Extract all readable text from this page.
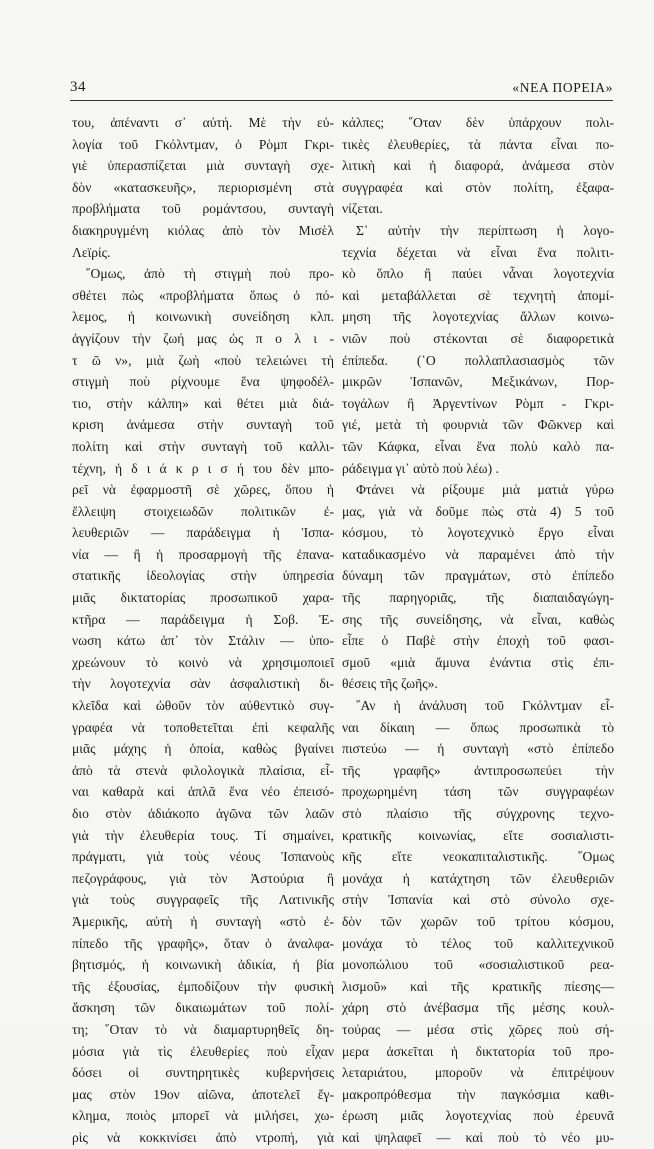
34	«ΝΕΑ ΠΟΡΕΙΑ»
του, ἀπέναντι σ᾽ αὐτή. Μὲ τὴν εὐ-
λογία τοῦ Γκόλντμαν, ὁ Ρὸμπ Γκρι-
γιὲ ὑπερασπίζεται μιὰ συνταγὴ σχε-
δὸν «κατασκευῆς», περιορισμένη στὰ
προβλήματα τοῦ ρομάντσου, συνταγὴ
διακηρυγμένη κιόλας ἀπὸ τὸν Μισὲλ
Λεϊρίς.
῞Ομως, ἀπὸ τὴ στιγμὴ ποὺ προ-
σθέτει πὼς «προβλήματα ὅπως ὁ πό-
λεμος, ἡ κοινωνικὴ συνείδηση κλπ.
ἀγγίζουν τὴν ζωή μας ὡς π ο λ ι -
τ ῶ ν», μιὰ ζωὴ «ποὺ τελειώνει τὴ
στιγμὴ ποὺ ρίχνουμε ἕνα ψηφοδέλ-
τιο, στὴν κάλπη» καὶ θέτει μιὰ διά-
κριση ἀνάμεσα στὴν συνταγὴ τοῦ
πολίτη καὶ στὴν συνταγὴ τοῦ καλλι-
τέχνη, ἡ δ ι ά κ ρ ι σ ή του δὲν μπο-
ρεῖ νὰ ἐφαρμοστῆ σὲ χῶρες, ὅπου ἡ
ἔλλειψη στοιχειωδῶν πολιτικῶν ἐ-
λευθεριῶν — παράδειγμα ἡ Ἱσπα-
νία — ἢ ἡ προσαρμογὴ τῆς ἐπανα-
στατικῆς ἰδεολογίας στὴν ὑπηρεσία
μιᾶς δικτατορίας προσωπικοῦ χαρα-
κτῆρα — παράδειγμα ἡ Σοβ. Ἑ-
νωση κάτω ἀπ᾽ τὸν Στάλιν — ὑπο-
χρεώνουν τὸ κοινὸ νὰ χρησιμοποιεῖ
τὴν λογοτεχνία σὰν ἀσφαλιστικὴ δι-
κλεῖδα καὶ ὠθοῦν τὸν αὐθεντικὸ συγ-
γραφέα νὰ τοποθετεῖται ἐπὶ κεφαλῆς
μιᾶς μάχης ἡ ὁποία, καθὼς βγαίνει
ἀπὸ τὰ στενὰ φιλολογικὰ πλαίσια, εἶ-
ναι καθαρὰ καὶ ἁπλᾶ ἕνα νέο ἐπεισό-
διο στὸν ἀδιάκοπο ἀγῶνα τῶν λαῶν
γιὰ τὴν ἐλευθερία τους. Τί σημαίνει,
πράγματι, γιὰ τοὺς νέους Ἱσπανοὺς
πεζογράφους, γιὰ τὸν Ἀστούρια ἢ
γιὰ τοὺς συγγραφεῖς τῆς Λατινικῆς
Ἀμερικῆς, αὐτὴ ἡ συνταγὴ «στὸ ἐ-
πίπεδο τῆς γραφῆς», ὅταν ὁ ἀναλφα-
βητισμός, ἡ κοινωνικὴ ἀδικία, ἡ βία
τῆς ἐξουσίας, ἐμποδίζουν τὴν φυσικὴ
ἄσκηση τῶν δικαιωμάτων τοῦ πολί-
τη; ῞Οταν τὸ νὰ διαμαρτυρηθεῖς δη-
μόσια γιὰ τὶς ἐλευθερίες ποὺ εἶχαν
δόσει οἱ συντηρητικὲς κυβερνήσεις
μας στὸν 19ον αἰῶνα, ἀποτελεῖ ἔγ-
κλημα, ποιὸς μπορεῖ νὰ μιλήσει, χω-
ρὶς νὰ κοκκινίσει ἀπὸ ντροπή, γιὰ
κάλπες; ῞Οταν δὲν ὑπάρχουν πολι-
τικὲς ἐλευθερίες, τὰ πάντα εἶναι πο-
λιτικὴ καὶ ἡ διαφορά, ἀνάμεσα στὸν
συγγραφέα καὶ στὸν πολίτη, ἐξαφα-
νίζεται.
Σ᾽ αὐτὴν τὴν περίπτωση ἡ λογο-
τεχνία δέχεται νὰ εἶναι ἕνα πολιτι-
κὸ ὅπλο ἢ παύει νἆναι λογοτεχνία
καὶ μεταβάλλεται σὲ τεχνητὴ ἀπομί-
μηση τῆς λογοτεχνίας ἄλλων κοινω-
νιῶν ποὺ στέκονται σὲ διαφορετικὰ
ἐπίπεδα. (῾Ο πολλαπλασιασμὸς τῶν
μικρῶν Ἱσπανῶν, Μεξικάνων, Πορ-
τογάλων ἢ Ἀργεντίνων Ρὸμπ - Γκρι-
γιέ, μετὰ τὴ φουρνιὰ τῶν Φῶκνερ καὶ
τῶν Κάφκα, εἶναι ἕνα πολὺ καλὸ πα-
ράδειγμα γι᾽ αὐτὸ ποὺ λέω) .
Φτάνει νὰ ρίξουμε μιὰ ματιὰ γύρω
μας, γιὰ νὰ δοῦμε πὼς στὰ 4) 5 τοῦ
κόσμου, τὸ λογοτεχνικὸ ἔργο εἶναι
καταδικασμένο νὰ παραμένει ἀπὸ τὴν
δύναμη τῶν πραγμάτων, στὸ ἐπίπεδο
τῆς παρηγοριᾶς, τῆς διαπαιδαγώγη-
σης τῆς συνείδησης, νὰ εἶναι, καθὼς
εἶπε ὁ Παβὲ στὴν ἐποχὴ τοῦ φασι-
σμοῦ «μιὰ ἄμυνα ἐνάντια στὶς ἐπι-
θέσεις τῆς ζωῆς».
῎Αν ἡ ἀνάλυση τοῦ Γκόλντμαν εἶ-
ναι δίκαιη — ὅπως προσωπικὰ τὸ
πιστεύω — ἡ συνταγὴ «στὸ ἐπίπεδο
τῆς γραφῆς» ἀντιπροσωπεύει τὴν
προχωρημένη τάση τῶν συγγραφέων
στὸ πλαίσιο τῆς σύγχρονης τεχνο-
κρατικῆς κοινωνίας, εἴτε σοσιαλιστι-
κῆς εἴτε νεοκαπιταλιστικῆς. ῞Ομως
μονάχα ἡ κατάχτηση τῶν ἐλευθεριῶν
στὴν Ἱσπανία καὶ στὸ σύνολο σχε-
δὸν τῶν χωρῶν τοῦ τρίτου κόσμου,
μονάχα τὸ τέλος τοῦ καλλιτεχνικοῦ
μονοπώλιου τοῦ «σοσιαλιστικοῦ ρεα-
λισμοῦ» καὶ τῆς κρατικῆς πίεσης—
χάρη στὸ ἀνέβασμα τῆς μέσης κουλ-
τούρας — μέσα στὶς χῶρες ποὺ σή-
μερα ἀσκεῖται ἡ δικτατορία τοῦ προ-
λεταριάτου, μποροῦν νὰ ἐπιτρέψουν
μακροπρόθεσμα τὴν παγκόσμια καθι-
έρωση μιᾶς λογοτεχνίας ποὺ ἐρευνᾶ
καὶ ψηλαφεῖ — καὶ ποὺ τὸ νέο μυ-
